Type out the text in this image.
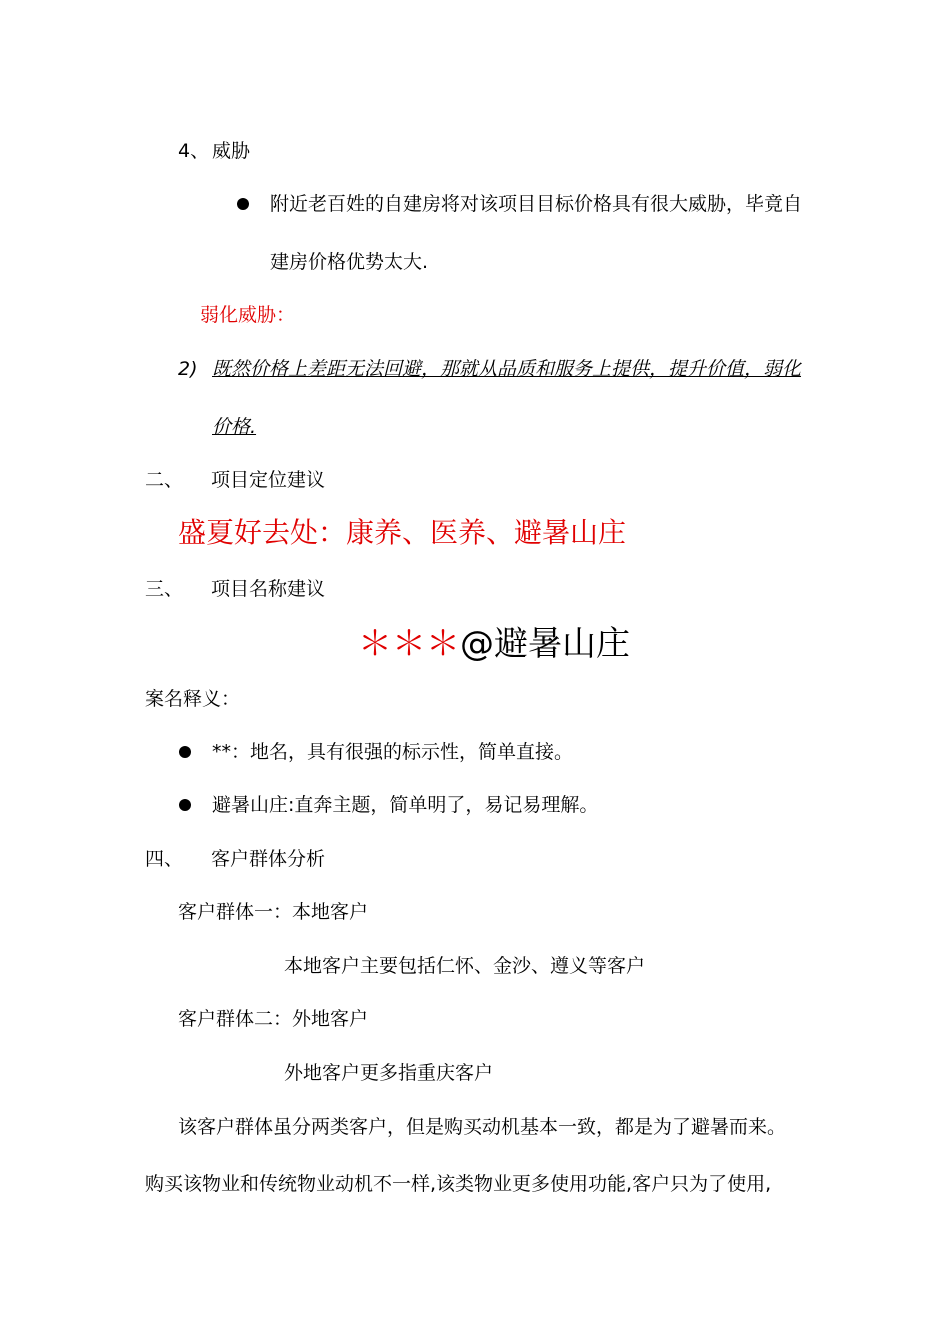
4、 威胁
附近老百姓的自建房将对该项目目标价格具有很大威胁，毕竟自
建房价格优势太大.
弱化威胁：
2) 既然价格上差距无法回避，那就从品质和服务上提供，提升价值，弱化
价格.
二、 项目定位建议
盛夏好去处：康养、医养、避暑山庄
三、 项目名称建议
＊＊＊@避暑山庄
案名释义：
**：地名，具有很强的标示性，简单直接。
避暑山庄:直奔主题，简单明了，易记易理解。
四、 客户群体分析
客户群体一：本地客户
本地客户主要包括仁怀、金沙、遵义等客户
客户群体二：外地客户
外地客户更多指重庆客户
该客户群体虽分两类客户，但是购买动机基本一致，都是为了避暑而来。
购买该物业和传统物业动机不一样,该类物业更多使用功能,客户只为了使用,
